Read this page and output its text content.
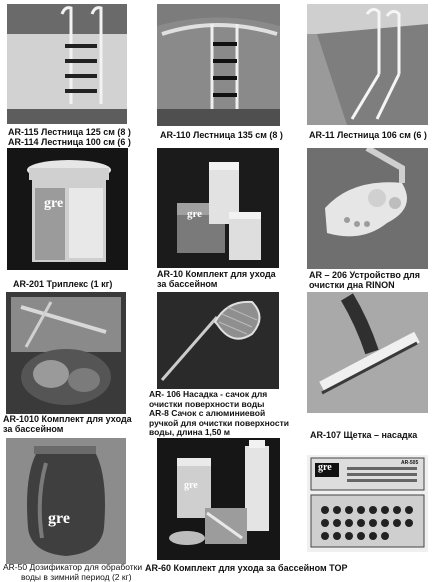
AR-115 Лестница 125 см (8 )
AR-114 Лестница 100 см (6 )
AR-110 Лестница 135 см (8 )	AR-11 Лестница 106 см (6 )
gre
AR-201 Триплекс (1 кг)
gre
AR-10 Комплект для ухода
за бассейном
AR – 206 Устройство для
очистки дна RINON
AR-1010 Комплект для ухода
за бассейном
AR- 106 Насадка - сачок для
очистки поверхности воды
AR-8 Сачок с алюминиевой
ручкой для очистки поверхности
воды, длина 1,50 м	AR-107 Щетка – насадка
gre
AR-50 Дозификатор для обработки
воды в зимний период (2 кг)
gre
AR-60 Комплект для ухода за бассейном TOP
gre	AR-505
